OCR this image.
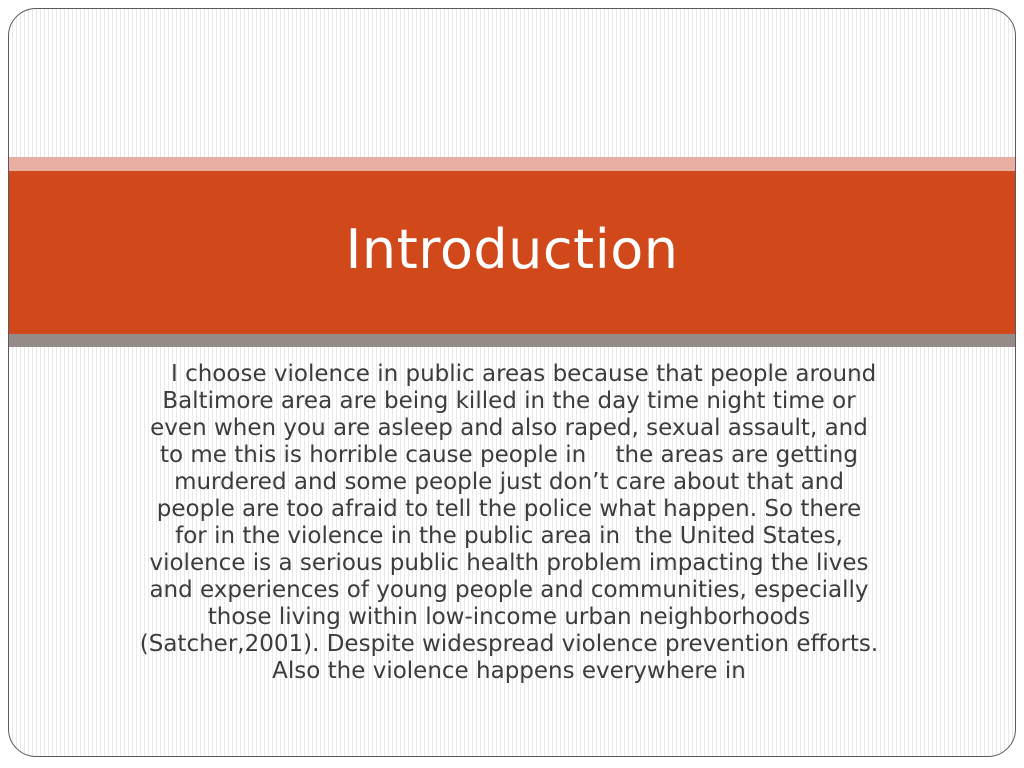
Introduction

I choose violence in public areas because that people around Baltimore area are being killed in the day time night time or even when you are asleep and also raped, sexual assault, and to me this is horrible cause people in    the areas are getting murdered and some people just don’t care about that and people are too afraid to tell the police what happen. So there for in the violence in the public area in  the United States, violence is a serious public health problem impacting the lives and experiences of young people and communities, especially those living within low-income urban neighborhoods (Satcher,2001). Despite widespread violence prevention efforts. Also the violence happens everywhere in
